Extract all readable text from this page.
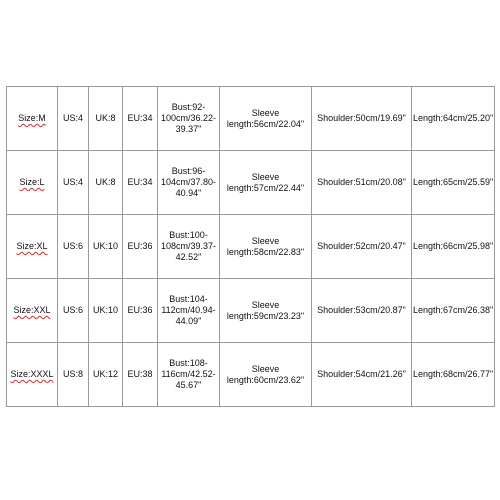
Size:M	US:4	UK:8	EU:34	Bust:92-
100cm/36.22-
39.37"	Sleeve
length:56cm/22.04"	Shoulder:50cm/19.69"	Length:64cm/25.20"
Size:L	US:4	UK:8	EU:34	Bust:96-
104cm/37.80-
40.94"	Sleeve
length:57cm/22.44"	Shoulder:51cm/20.08"	Length:65cm/25.59"
Size:XL	US:6	UK:10	EU:36	Bust:100-
108cm/39.37-
42.52"	Sleeve
length:58cm/22.83"	Shoulder:52cm/20.47"	Length:66cm/25.98"
Size:XXL	US:6	UK:10	EU:36	Bust:104-
112cm/40.94-
44.09"	Sleeve
length:59cm/23.23"	Shoulder:53cm/20.87"	Length:67cm/26.38"
Size:XXXL	US:8	UK:12	EU:38	Bust:108-
116cm/42.52-
45.67"	Sleeve
length:60cm/23.62"	Shoulder:54cm/21.26"	Length:68cm/26.77"
